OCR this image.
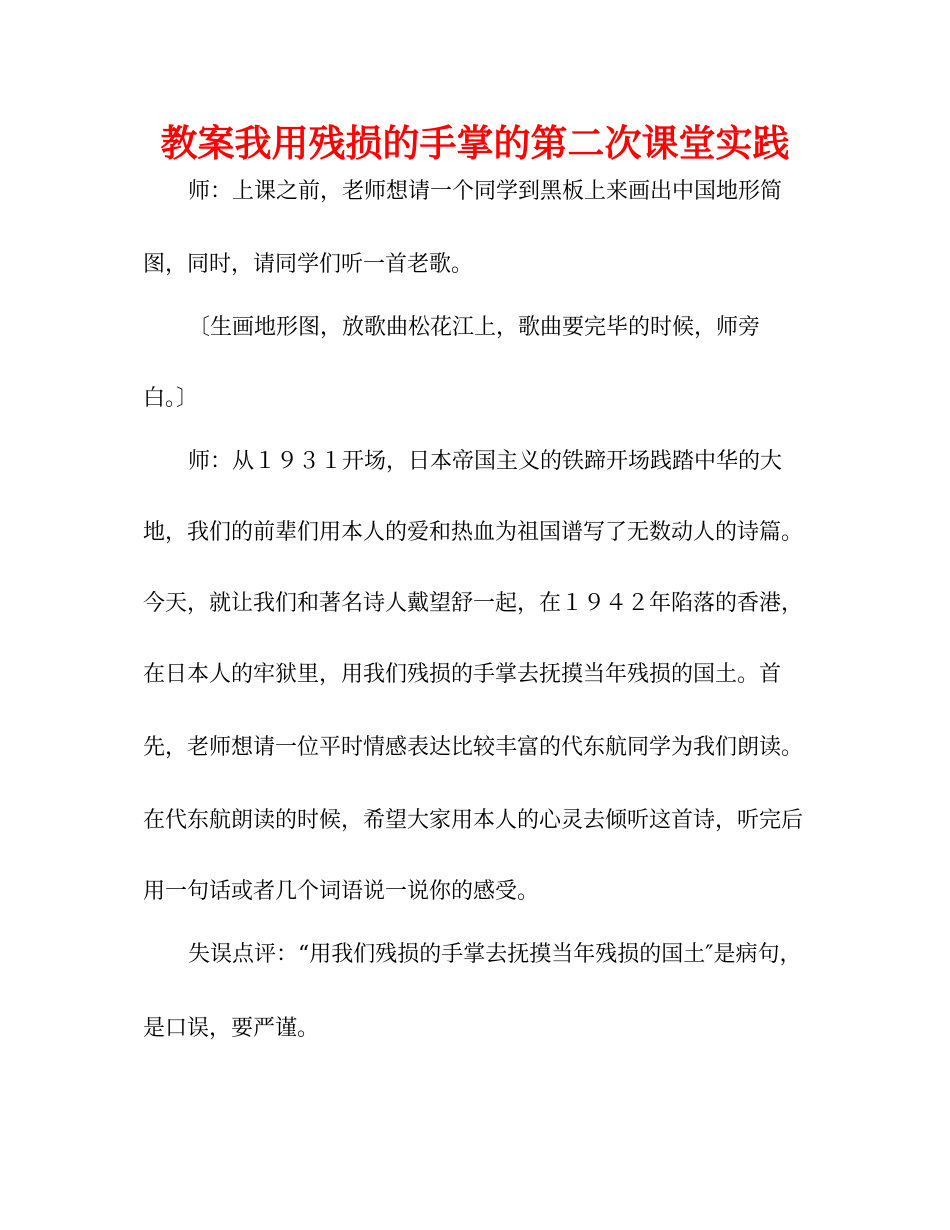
教案我用残损的手掌的第二次课堂实践
师：上课之前，老师想请一个同学到黑板上来画出中国地形简
图，同时，请同学们听一首老歌。
〔生画地形图，放歌曲松花江上，歌曲要完毕的时候，师旁
白。〕
师：从１９３１开场，日本帝国主义的铁蹄开场践踏中华的大
地，我们的前辈们用本人的爱和热血为祖国谱写了无数动人的诗篇。
今天，就让我们和著名诗人戴望舒一起，在１９４２年陷落的香港，
在日本人的牢狱里，用我们残损的手掌去抚摸当年残损的国土。首
先，老师想请一位平时情感表达比较丰富的代东航同学为我们朗读。
在代东航朗读的时候，希望大家用本人的心灵去倾听这首诗，听完后
用一句话或者几个词语说一说你的感受。
失误点评：“用我们残损的手掌去抚摸当年残损的国土″是病句，
是口误，要严谨。
